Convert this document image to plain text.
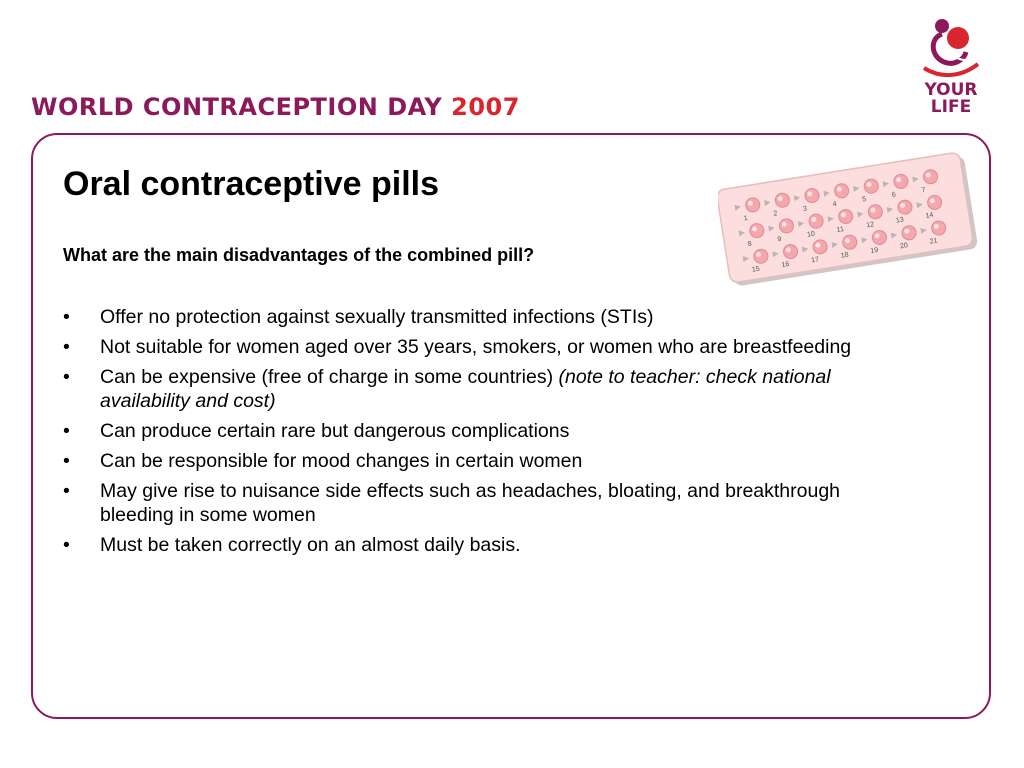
WORLD CONTRACEPTION DAY 2007
YOUR
LIFE
Oral contraceptive pills
What are the main disadvantages of the combined pill?
1
2
3
4
5
6
7
8
9
10
11
12
13
14
15
16
17
18
19
20
21
• Offer no protection against sexually transmitted infections (STIs)
• Not suitable for women aged over 35 years, smokers, or women who are breastfeeding
• Can be expensive (free of charge in some countries) (note to teacher: check national availability and cost)
• Can produce certain rare but dangerous complications
• Can be responsible for mood changes in certain women
• May give rise to nuisance side effects such as headaches, bloating, and breakthrough bleeding in some women
• Must be taken correctly on an almost daily basis.
